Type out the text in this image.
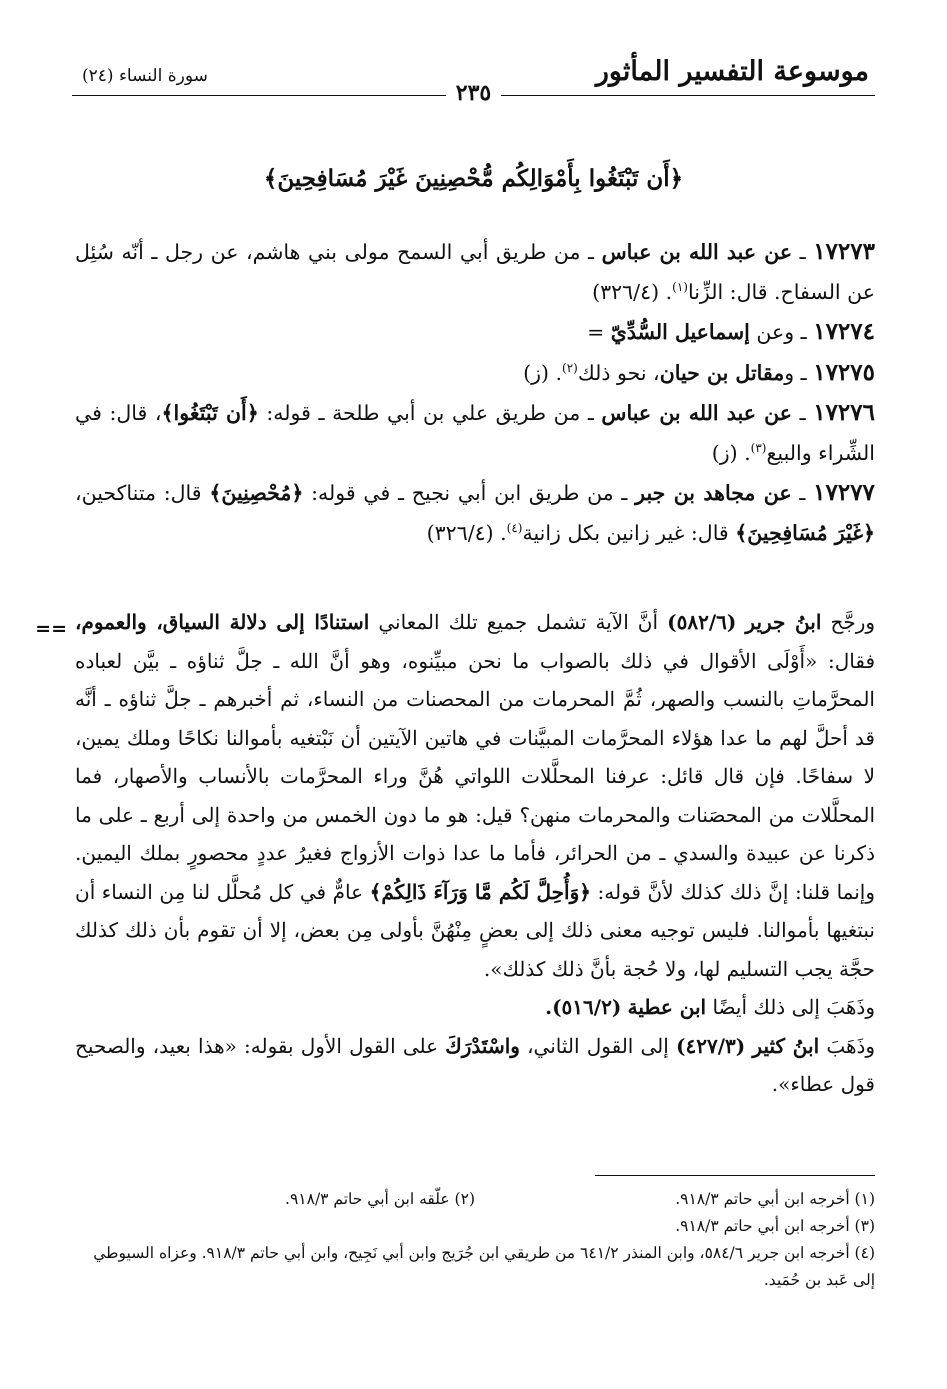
موسوعة التفسير المأثور
سورة النساء (٢٤)
٢٣٥
﴿أَن تَبْتَغُوا بِأَمْوَالِكُم مُّحْصِنِينَ غَيْرَ مُسَافِحِينَ﴾

١٧٢٧٣ ـ عن عبد الله بن عباس ـ من طريق أبي السمح مولى بني هاشم، عن رجل ـ أنّه سُئِل عن السفاح. قال: الزِّنا$^{(١)}$. (٣٢٦/٤)

١٧٢٧٤ ـ وعن إسماعيل السُّدِّيّ =

١٧٢٧٥ ـ ومقاتل بن حيان، نحو ذلك$^{(٢)}$. (ز)

١٧٢٧٦ ـ عن عبد الله بن عباس ـ من طريق علي بن أبي طلحة ـ قوله: ﴿أَن تَبْتَغُوا﴾، قال: في الشِّراء والبيع$^{(٣)}$. (ز)

١٧٢٧٧ ـ عن مجاهد بن جبر ـ من طريق ابن أبي نجيح ـ في قوله: ﴿مُحْصِنِينَ﴾ قال: متناكحين، ﴿غَيْرَ مُسَافِحِينَ﴾ قال: غير زانين بكل زانية$^{(٤)}$. (٣٢٦/٤)

==	ورجَّح ابنُ جرير (٥٨٢/٦) أنَّ الآية تشمل جميع تلك المعاني استنادًا إلى دلالة السياق، والعموم، فقال: «أَوْلَى الأقوال في ذلك بالصواب ما نحن مبيِّنوه، وهو أنَّ الله ـ جلَّ ثناؤه ـ بيَّن لعباده المحرَّماتِ بالنسب والصهر، ثُمَّ المحرمات من المحصنات من النساء، ثم أخبرهم ـ جلَّ ثناؤه ـ أنَّه قد أحلَّ لهم ما عدا هؤلاء المحرَّمات المبيَّنات في هاتين الآيتين أن نَبْتغيه بأموالنا نكاحًا وملك يمين، لا سفاحًا. فإن قال قائل: عرفنا المحلَّلات اللواتي هُنَّ وراء المحرَّمات بالأنساب والأصهار، فما المحلَّلات من المحصَنات والمحرمات منهن؟ قيل: هو ما دون الخمس من واحدة إلى أربع ـ على ما ذكرنا عن عبيدة والسدي ـ من الحرائر، فأما ما عدا ذوات الأزواج فغيرُ عددٍ محصورٍ بملك اليمين. وإنما قلنا: إنَّ ذلك كذلك لأنَّ قوله: ﴿وَأُحِلَّ لَكُم مَّا وَرَآءَ ذَالِكُمْ﴾ عامٌّ في كل مُحلَّل لنا مِن النساء أن نبتغيها بأموالنا. فليس توجيه معنى ذلك إلى بعضٍ مِنْهُنَّ بأولى مِن بعض، إلا أن تقوم بأن ذلك كذلك حجَّة يجب التسليم لها، ولا حُجة بأنَّ ذلك كذلك».

وذَهَبَ إلى ذلك أيضًا ابن عطية (٥١٦/٢).

وذَهَبَ ابنُ كثير (٤٢٧/٣) إلى القول الثاني، واسْتَدْرَكَ على القول الأول بقوله: «هذا بعيد، والصحيح قول عطاء».

(١) أخرجه ابن أبي حاتم ٩١٨/٣.
(٢) علّقه ابن أبي حاتم ٩١٨/٣.

(٣) أخرجه ابن أبي حاتم ٩١٨/٣.

(٤) أخرجه ابن جرير ٥٨٤/٦، وابن المنذر ٦٤١/٢ من طريقي ابن جُرَيج وابن أبي نَجِيح، وابن أبي حاتم ٩١٨/٣. وعزاه السيوطي إلى عَبد بن حُمَيد.
